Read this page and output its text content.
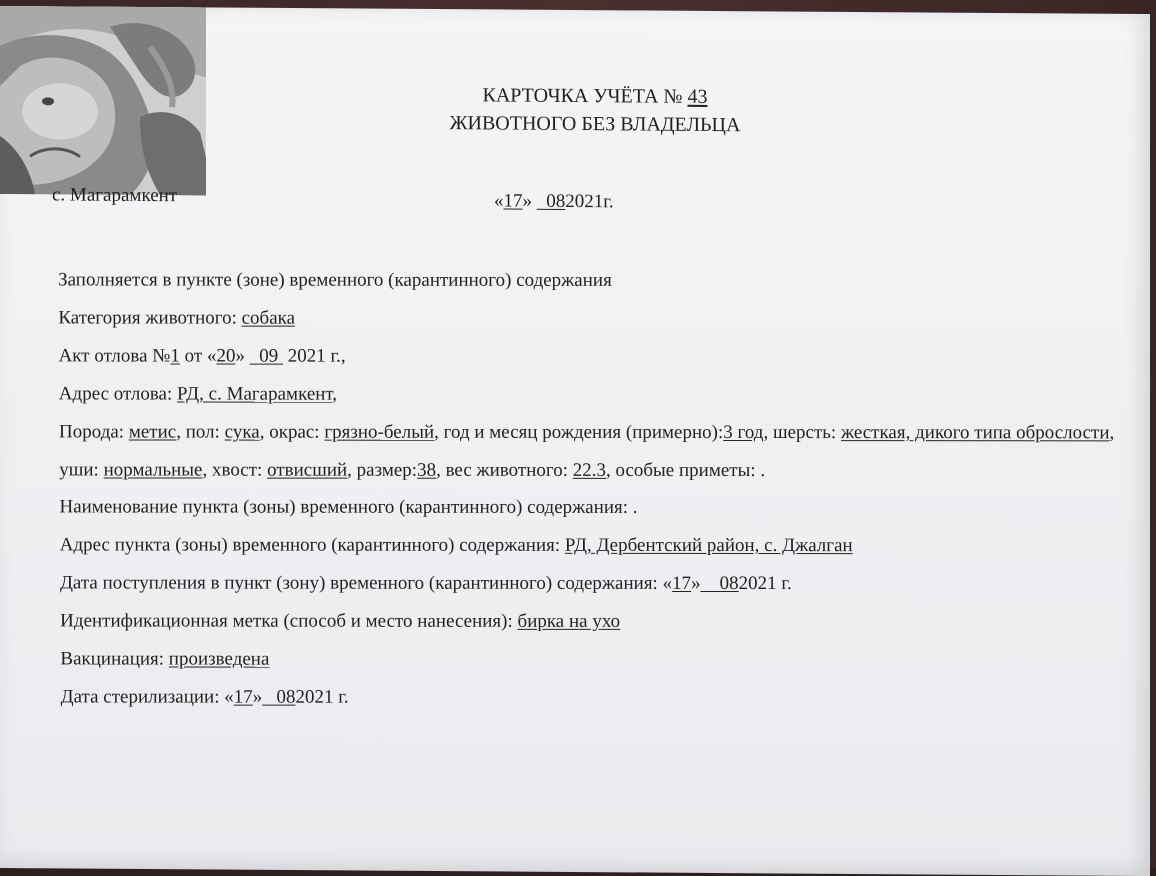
КАРТОЧКА УЧЁТА № 43
ЖИВОТНОГО БЕЗ ВЛАДЕЛЬЦА
с. Магарамкент	«17» 082021г.
Заполняется в пункте (зоне) временного (карантинного) содержания
Категория животного: собака
Акт отлова №1 от «20» 09 2021 г.,
Адрес отлова: РД, с. Магарамкент,
Порода: метис, пол: сука, окрас: грязно-белый, год и месяц рождения (примерно):3 год, шерсть: жесткая, дикого типа оброслости, уши: нормальные, хвост: отвисший, размер:38, вес животного: 22.3, особые приметы: .
Наименование пункта (зоны) временного (карантинного) содержания: .
Адрес пункта (зоны) временного (карантинного) содержания: РД, Дербентский район, с. Джалган
Дата поступления в пункт (зону) временного (карантинного) содержания: «17» 082021 г.
Идентификационная метка (способ и место нанесения): бирка на ухо
Вакцинация: произведена
Дата стерилизации: «17» 082021 г.
